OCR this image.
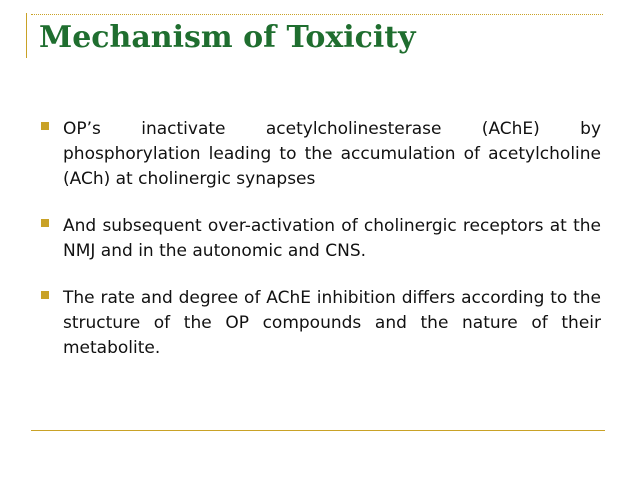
Mechanism of Toxicity
OP’s inactivate acetylcholinesterase (AChE) by phosphorylation leading to the accumulation of acetylcholine (ACh) at cholinergic synapses
And subsequent over-activation of cholinergic receptors at the NMJ and in the autonomic and CNS.
The rate and degree of AChE inhibition differs according to the structure of the OP compounds and the nature of their metabolite.
